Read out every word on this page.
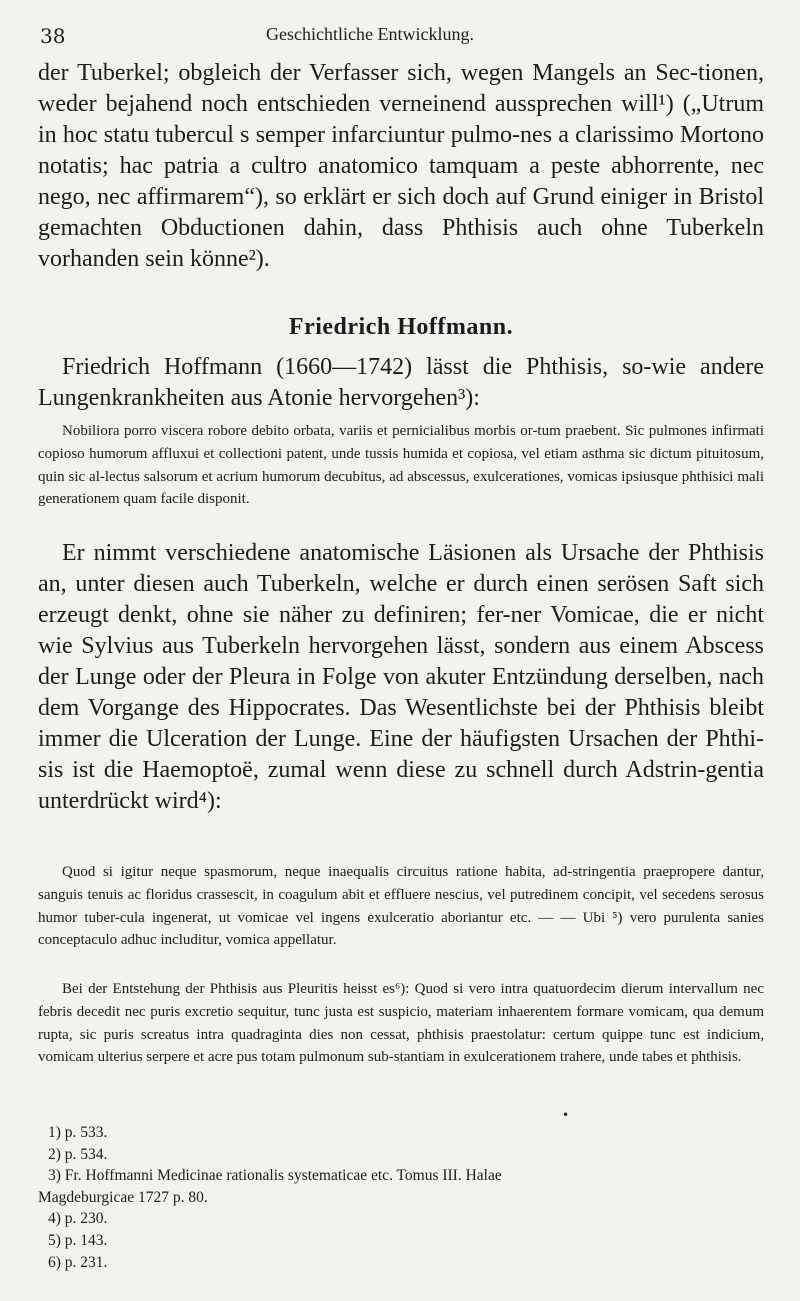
38	Geschichtliche Entwicklung.

der Tuberkel; obgleich der Verfasser sich, wegen Mangels an Sec-tionen, weder bejahend noch entschieden verneinend aussprechen will¹) („Utrum in hoc statu tubercul s semper infarciuntur pulmo-nes a clarissimo Mortono notatis; hac patria a cultro anatomico tamquam a peste abhorrente, nec nego, nec affirmarem“), so erklärt er sich doch auf Grund einiger in Bristol gemachten Obductionen dahin, dass Phthisis auch ohne Tuberkeln vorhanden sein könne²).

Friedrich Hoffmann.

Friedrich Hoffmann (1660—1742) lässt die Phthisis, so-wie andere Lungenkrankheiten aus Atonie hervorgehen³):

Nobiliora porro viscera robore debito orbata, variis et pernicialibus morbis or-tum praebent. Sic pulmones infirmati copioso humorum affluxui et collectioni patent, unde tussis humida et copiosa, vel etiam asthma sic dictum pituitosum, quin sic al-lectus salsorum et acrium humorum decubitus, ad abscessus, exulcerationes, vomicas ipsiusque phthisici mali generationem quam facile disponit.

Er nimmt verschiedene anatomische Läsionen als Ursache der Phthisis an, unter diesen auch Tuberkeln, welche er durch einen serösen Saft sich erzeugt denkt, ohne sie näher zu definiren; fer-ner Vomicae, die er nicht wie Sylvius aus Tuberkeln hervorgehen lässt, sondern aus einem Abscess der Lunge oder der Pleura in Folge von akuter Entzündung derselben, nach dem Vorgange des Hippocrates. Das Wesentlichste bei der Phthisis bleibt immer die Ulceration der Lunge. Eine der häufigsten Ursachen der Phthi-sis ist die Haemoptoë, zumal wenn diese zu schnell durch Adstrin-gentia unterdrückt wird⁴):

Quod si igitur neque spasmorum, neque inaequalis circuitus ratione habita, ad-stringentia praepropere dantur, sanguis tenuis ac floridus crassescit, in coagulum abit et effluere nescius, vel putredinem concipit, vel secedens serosus humor tuber-cula ingenerat, ut vomicae vel ingens exulceratio aboriantur etc. — — Ubi ⁵) vero purulenta sanies conceptaculo adhuc includitur, vomica appellatur.

Bei der Entstehung der Phthisis aus Pleuritis heisst es⁶): Quod si vero intra quatuordecim dierum intervallum nec febris decedit nec puris excretio sequitur, tunc justa est suspicio, materiam inhaerentem formare vomicam, qua demum rupta, sic puris screatus intra quadraginta dies non cessat, phthisis praestolatur: certum quippe tunc est indicium, vomicam ulterius serpere et acre pus totam pulmonum sub-stantiam in exulcerationem trahere, unde tabes et phthisis.

•
1) p. 533.
2) p. 534.
3) Fr. Hoffmanni Medicinae rationalis systematicae etc. Tomus III. Halae
Magdeburgicae 1727 p. 80.
4) p. 230.
5) p. 143.
6) p. 231.
